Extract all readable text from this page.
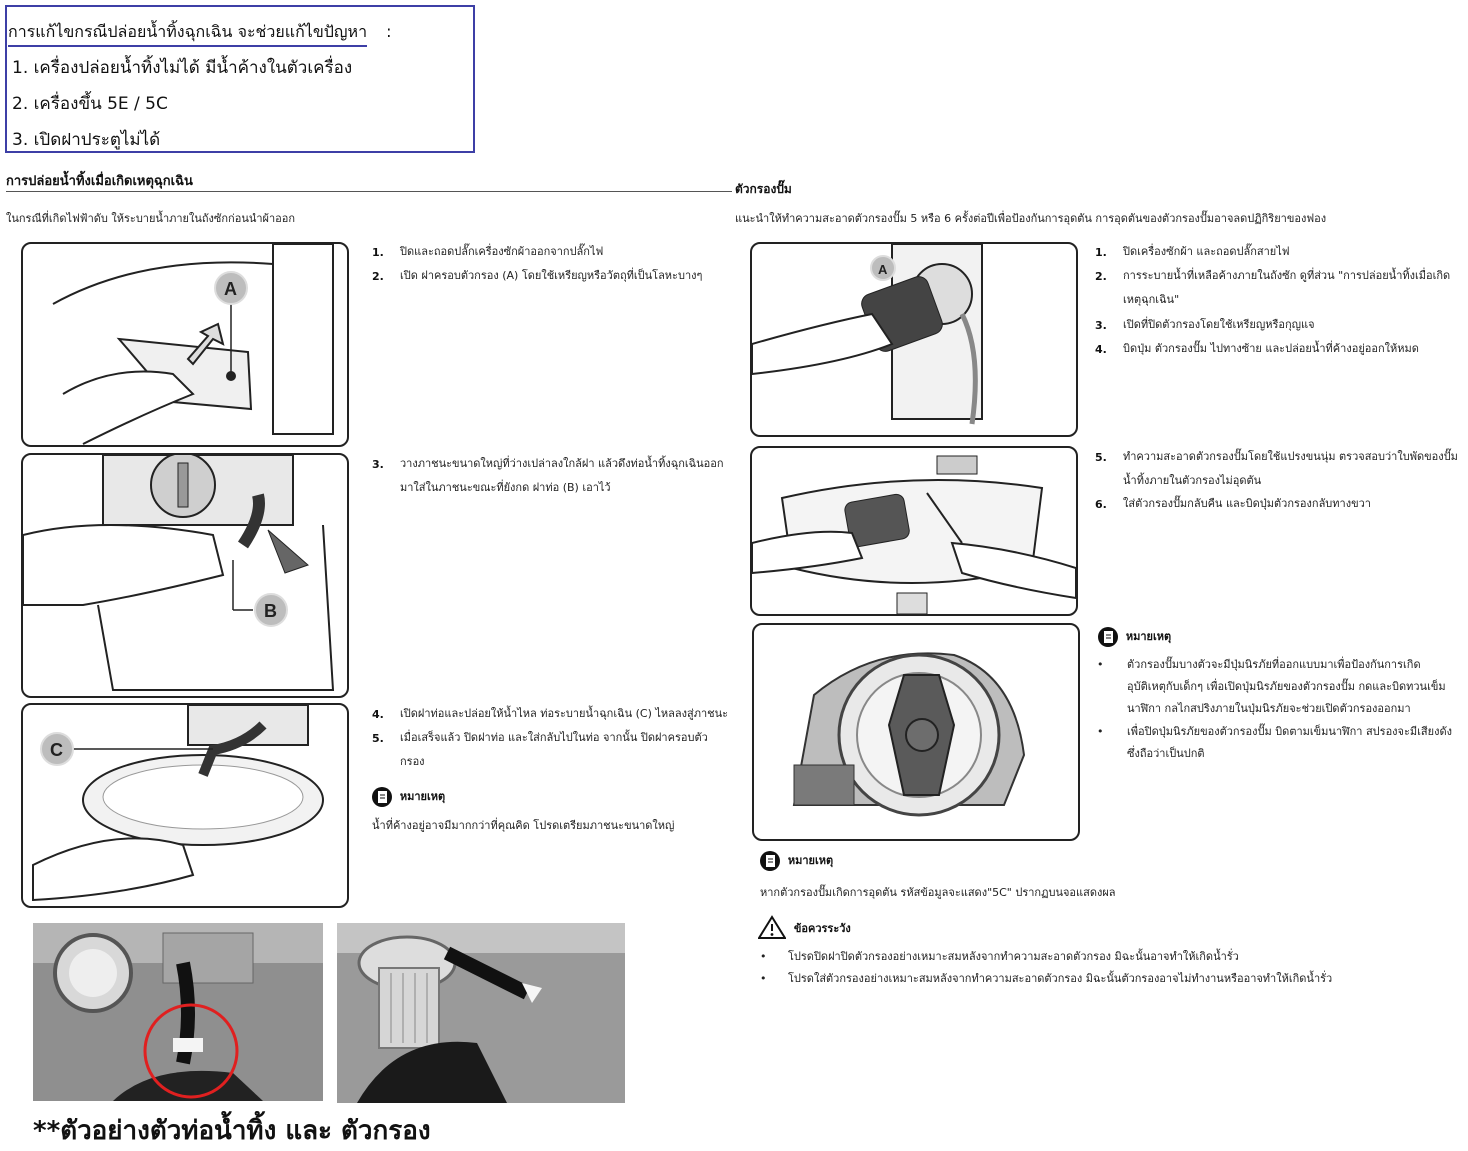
การแก้ไขกรณีปล่อยน้ำทิ้งฉุกเฉิน จะช่วยแก้ไขปัญหา :
1. เครื่องปล่อยน้ำทิ้งไม่ได้ มีน้ำค้างในตัวเครื่อง
2. เครื่องขึ้น 5E / 5C
3. เปิดฝาประตูไม่ได้
การปล่อยน้ำทิ้งเมื่อเกิดเหตุฉุกเฉิน
ในกรณีที่เกิดไฟฟ้าดับ ให้ระบายน้ำภายในถังซักก่อนนำผ้าออก
ตัวกรองปั๊ม
แนะนำให้ทำความสะอาดตัวกรองปั๊ม 5 หรือ 6 ครั้งต่อปีเพื่อป้องกันการอุดตัน การอุดตันของตัวกรองปั๊มอาจลดปฏิกิริยาของฟอง
A
B
C
1. ปิดและถอดปลั๊กเครื่องซักผ้าออกจากปลั๊กไฟ
2. เปิด ฝาครอบตัวกรอง (A) โดยใช้เหรียญหรือวัตถุที่เป็นโลหะบางๆ
3. วางภาชนะขนาดใหญ่ที่ว่างเปล่าลงใกล้ฝา แล้วดึงท่อน้ำทิ้งฉุกเฉินออกมาใส่ในภาชนะขณะที่ยังกด ฝาท่อ (B) เอาไว้
4. เปิดฝาท่อและปล่อยให้น้ำไหล ท่อระบายน้ำฉุกเฉิน (C) ไหลลงสู่ภาชนะ
5. เมื่อเสร็จแล้ว ปิดฝาท่อ และใส่กลับไปในท่อ จากนั้น ปิดฝาครอบตัวกรอง
หมายเหตุ
น้ำที่ค้างอยู่อาจมีมากกว่าที่คุณคิด โปรดเตรียมภาชนะขนาดใหญ่
A
1. ปิดเครื่องซักผ้า และถอดปลั๊กสายไฟ
2. การระบายน้ำที่เหลือค้างภายในถังซัก ดูที่ส่วน "การปล่อยน้ำทิ้งเมื่อเกิดเหตุฉุกเฉิน"
3. เปิดที่ปิดตัวกรองโดยใช้เหรียญหรือกุญแจ
4. บิดปุ่ม ตัวกรองปั๊ม ไปทางซ้าย และปล่อยน้ำที่ค้างอยู่ออกให้หมด
5. ทำความสะอาดตัวกรองปั๊มโดยใช้แปรงขนนุ่ม ตรวจสอบว่าใบพัดของปั๊มน้ำทิ้งภายในตัวกรองไม่อุดตัน
6. ใส่ตัวกรองปั๊มกลับคืน และบิดปุ่มตัวกรองกลับทางขวา
หมายเหตุ
• ตัวกรองปั๊มบางตัวจะมีปุ่มนิรภัยที่ออกแบบมาเพื่อป้องกันการเกิดอุบัติเหตุกับเด็กๆ เพื่อเปิดปุ่มนิรภัยของตัวกรองปั๊ม กดและบิดทวนเข็มนาฬิกา กลไกสปริงภายในปุ่มนิรภัยจะช่วยเปิดตัวกรองออกมา
• เพื่อปิดปุ่มนิรภัยของตัวกรองปั๊ม บิดตามเข็มนาฬิกา สปรองจะมีเสียงดังซึ่งถือว่าเป็นปกติ
หมายเหตุ
หากตัวกรองปั๊มเกิดการอุดตัน รหัสข้อมูลจะแสดง"5C" ปรากฏบนจอแสดงผล
ข้อควรระวัง
• โปรดปิดฝาปิดตัวกรองอย่างเหมาะสมหลังจากทำความสะอาดตัวกรอง มิฉะนั้นอาจทำให้เกิดน้ำรั่ว
• โปรดใส่ตัวกรองอย่างเหมาะสมหลังจากทำความสะอาดตัวกรอง มิฉะนั้นตัวกรองอาจไม่ทำงานหรืออาจทำให้เกิดน้ำรั่ว
**ตัวอย่างตัวท่อน้ำทิ้ง และ ตัวกรอง
